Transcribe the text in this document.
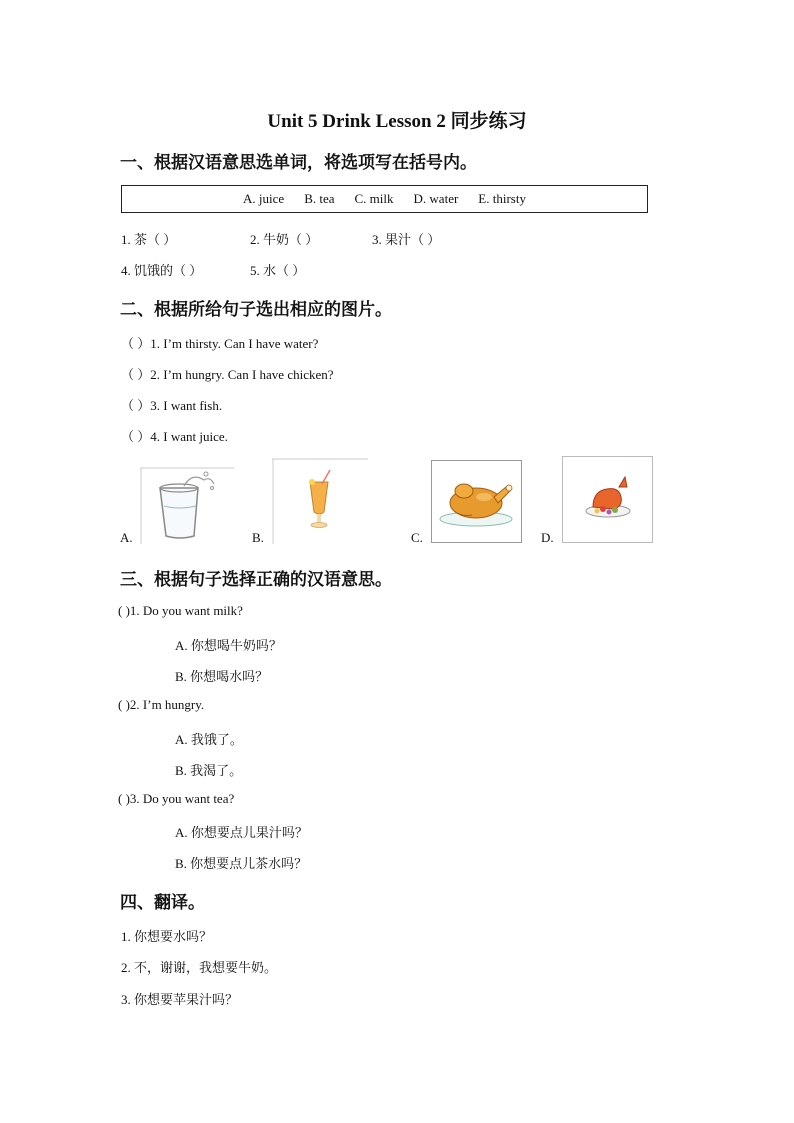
Unit 5 Drink Lesson 2 同步练习
一、根据汉语意思选单词，将选项写在括号内。
A. juice B. tea C. milk D. water E. thirsty
1. 茶（ ）	2. 牛奶（ ）	3. 果汁（ ）
4. 饥饿的（ ）	5. 水（ ）
二、根据所给句子选出相应的图片。
（ ）1. I’m thirsty. Can I have water?
（ ）2. I’m hungry. Can I have chicken?
（ ）3. I want fish.
（ ）4. I want juice.
A.	B.	C.	D.
三、根据句子选择正确的汉语意思。
( )1. Do you want milk?
A. 你想喝牛奶吗？
B. 你想喝水吗？
( )2. I’m hungry.
A. 我饿了。
B. 我渴了。
( )3. Do you want tea?
A. 你想要点儿果汁吗？
B. 你想要点儿茶水吗？
四、翻译。
1. 你想要水吗？
2. 不，谢谢，我想要牛奶。
3. 你想要苹果汁吗？
